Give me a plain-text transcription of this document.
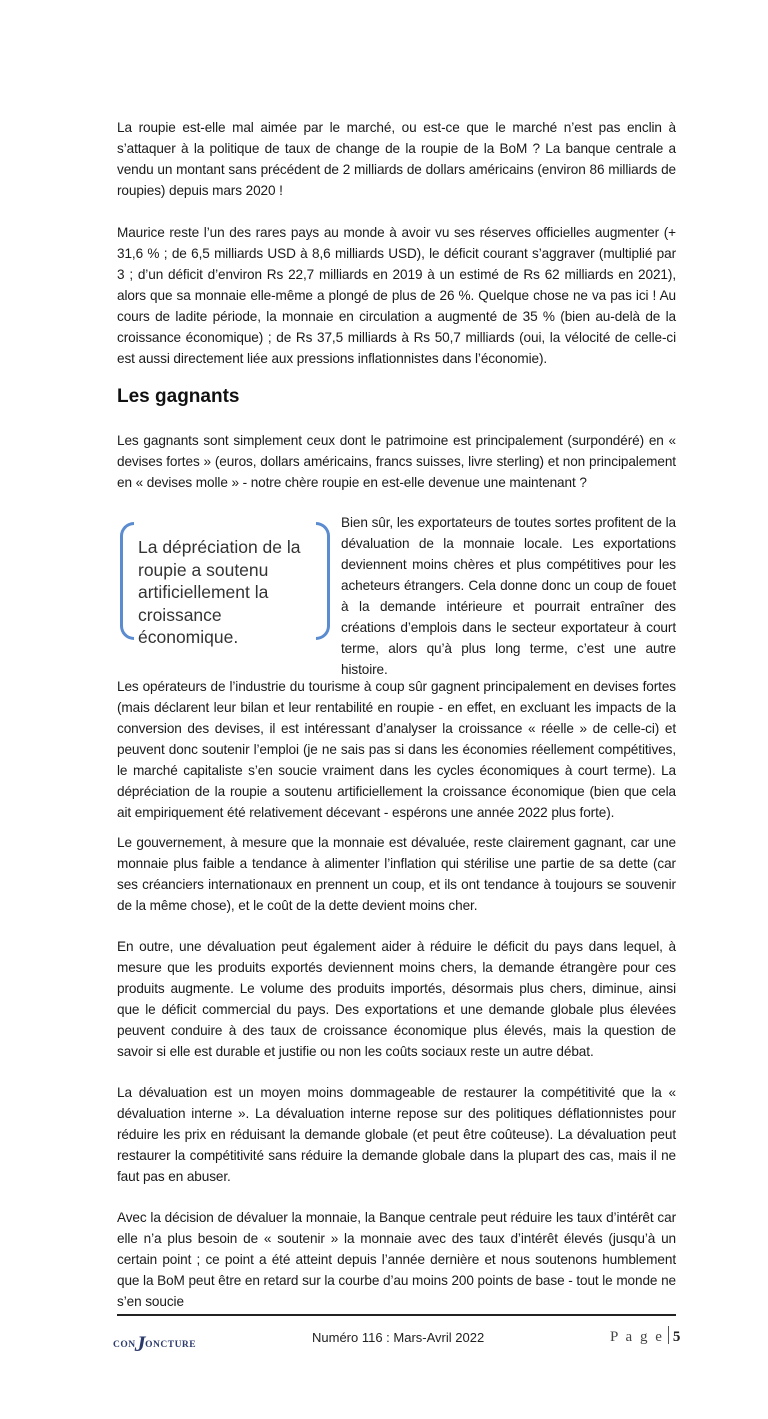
La roupie est-elle mal aimée par le marché, ou est-ce que le marché n’est pas enclin à s’attaquer à la politique de taux de change de la roupie de la BoM ? La banque centrale a vendu un montant sans précédent de 2 milliards de dollars américains (environ 86 milliards de roupies) depuis mars 2020 !

Maurice reste l’un des rares pays au monde à avoir vu ses réserves officielles augmenter (+ 31,6 % ; de 6,5 milliards USD à 8,6 milliards USD), le déficit courant s’aggraver (multiplié par 3 ; d’un déficit d’environ Rs 22,7 milliards en 2019 à un estimé de Rs 62 milliards en 2021), alors que sa monnaie elle-même a plongé de plus de 26 %. Quelque chose ne va pas ici ! Au cours de ladite période, la monnaie en circulation a augmenté de 35 % (bien au-delà de la croissance économique) ; de Rs 37,5 milliards à Rs 50,7 milliards (oui, la vélocité de celle-ci est aussi directement liée aux pressions inflationnistes dans l’économie).

Les gagnants

Les gagnants sont simplement ceux dont le patrimoine est principalement (surpondéré) en « devises fortes » (euros, dollars américains, francs suisses, livre sterling) et non principalement en « devises molle » - notre chère roupie en est-elle devenue une maintenant ?

La dépréciation de la roupie a soutenu artificiellement la croissance économique.

Bien sûr, les exportateurs de toutes sortes profitent de la dévaluation de la monnaie locale. Les exportations deviennent moins chères et plus compétitives pour les acheteurs étrangers. Cela donne donc un coup de fouet à la demande intérieure et pourrait entraîner des créations d’emplois dans le secteur exportateur à court terme, alors qu’à plus long terme, c’est une autre histoire.

Les opérateurs de l’industrie du tourisme à coup sûr gagnent principalement en devises fortes (mais déclarent leur bilan et leur rentabilité en roupie - en effet, en excluant les impacts de la conversion des devises, il est intéressant d’analyser la croissance « réelle » de celle-ci) et peuvent donc soutenir l’emploi (je ne sais pas si dans les économies réellement compétitives, le marché capitaliste s’en soucie vraiment dans les cycles économiques à court terme). La dépréciation de la roupie a soutenu artificiellement la croissance économique (bien que cela ait empiriquement été relativement décevant - espérons une année 2022 plus forte).

Le gouvernement, à mesure que la monnaie est dévaluée, reste clairement gagnant, car une monnaie plus faible a tendance à alimenter l’inflation qui stérilise une partie de sa dette (car ses créanciers internationaux en prennent un coup, et ils ont tendance à toujours se souvenir de la même chose), et le coût de la dette devient moins cher.

En outre, une dévaluation peut également aider à réduire le déficit du pays dans lequel, à mesure que les produits exportés deviennent moins chers, la demande étrangère pour ces produits augmente. Le volume des produits importés, désormais plus chers, diminue, ainsi que le déficit commercial du pays. Des exportations et une demande globale plus élevées peuvent conduire à des taux de croissance économique plus élevés, mais la question de savoir si elle est durable et justifie ou non les coûts sociaux reste un autre débat.

La dévaluation est un moyen moins dommageable de restaurer la compétitivité que la « dévaluation interne ». La dévaluation interne repose sur des politiques déflationnistes pour réduire les prix en réduisant la demande globale (et peut être coûteuse). La dévaluation peut restaurer la compétitivité sans réduire la demande globale dans la plupart des cas, mais il ne faut pas en abuser.

Avec la décision de dévaluer la monnaie, la Banque centrale peut réduire les taux d’intérêt car elle n’a plus besoin de « soutenir » la monnaie avec des taux d’intérêt élevés (jusqu’à un certain point ; ce point a été atteint depuis l’année dernière et nous soutenons humblement que la BoM peut être en retard sur la courbe d’au moins 200 points de base - tout le monde ne s’en soucie

CONJONCTURE	Numéro 116 : Mars-Avril 2022	P a g e 5
